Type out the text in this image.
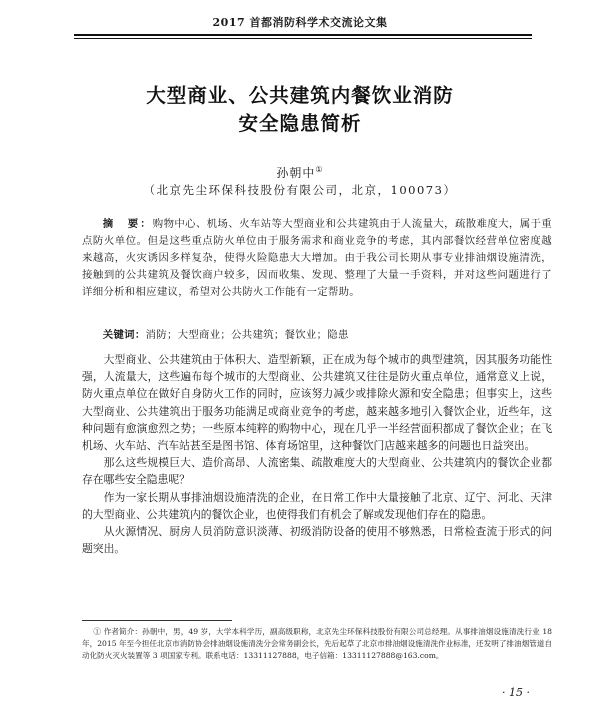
2017 首都消防科学术交流论文集
大型商业、公共建筑内餐饮业消防
安全隐患简析
孙朝中①
（北京先尘环保科技股份有限公司，北京，100073）

摘　要：购物中心、机场、火车站等大型商业和公共建筑由于人流量大，疏散难度大，属于重点防火单位。但是这些重点防火单位由于服务需求和商业竞争的考虑，其内部餐饮经营单位密度越来越高，火灾诱因多样复杂，使得火险隐患大大增加。由于我公司长期从事专业排油烟设施清洗，接触到的公共建筑及餐饮商户较多，因而收集、发现、整理了大量一手资料，并对这些问题进行了详细分析和相应建议，希望对公共防火工作能有一定帮助。

关键词：消防；大型商业；公共建筑；餐饮业；隐患

大型商业、公共建筑由于体积大、造型新颖，正在成为每个城市的典型建筑，因其服务功能性强，人流量大，这些遍布每个城市的大型商业、公共建筑又往往是防火重点单位，通常意义上说，防火重点单位在做好自身防火工作的同时，应该努力减少或排除火源和安全隐患；但事实上，这些大型商业、公共建筑出于服务功能满足或商业竞争的考虑，越来越多地引入餐饮企业，近些年，这种问题有愈演愈烈之势；一些原本纯粹的购物中心，现在几乎一半经营面积都成了餐饮企业；在飞机场、火车站、汽车站甚至是图书馆、体育场馆里，这种餐饮门店越来越多的问题也日益突出。

那么这些规模巨大、造价高昂、人流密集、疏散难度大的大型商业、公共建筑内的餐饮企业都存在哪些安全隐患呢？

作为一家长期从事排油烟设施清洗的企业，在日常工作中大量接触了北京、辽宁、河北、天津的大型商业、公共建筑内的餐饮企业，也使得我们有机会了解或发现他们存在的隐患。

从火源情况、厨房人员消防意识淡薄、初级消防设备的使用不够熟悉，日常检查流于形式的问题突出。

① 作者简介：孙朝中，男，49 岁，大学本科学历，副高级职称，北京先尘环保科技股份有限公司总经理。从事排油烟设施清洗行业 18 年，2015 年至今担任北京市消防协会排油烟设施清洗分会常务副会长，先后起草了北京市排油烟设施清洗作业标准，还发明了排油烟管道自动化防火灭火装置等 3 项国家专利。联系电话：13311127888，电子信箱：13311127888@163.com。

· 15 ·
